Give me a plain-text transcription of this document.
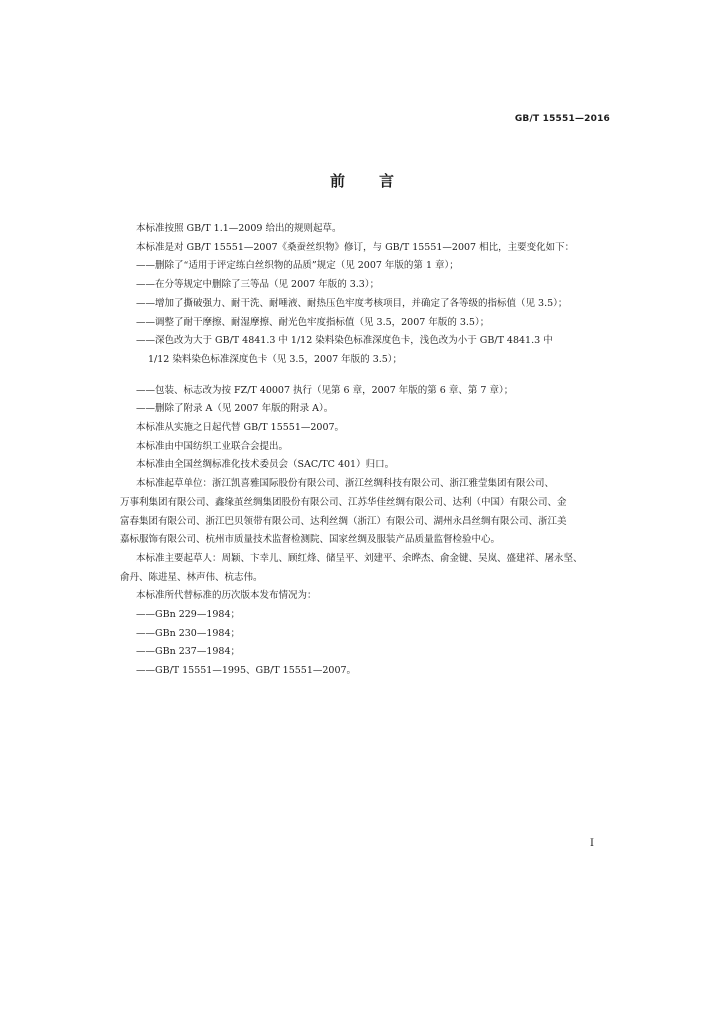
GB/T 15551—2016
前言
本标准按照 GB/T 1.1—2009 给出的规则起草。
本标准是对 GB/T 15551—2007《桑蚕丝织物》修订，与 GB/T 15551—2007 相比，主要变化如下：
——删除了“适用于评定练白丝织物的品质”规定（见 2007 年版的第 1 章）；
——在分等规定中删除了三等品（见 2007 年版的 3.3）；
——增加了撕破强力、耐干洗、耐唾液、耐热压色牢度考核项目，并确定了各等级的指标值（见 3.5）；
——调整了耐干摩擦、耐湿摩擦、耐光色牢度指标值（见 3.5，2007 年版的 3.5）；
——深色改为大于 GB/T 4841.3 中 1/12 染料染色标准深度色卡，浅色改为小于 GB/T 4841.3 中
1/12 染料染色标准深度色卡（见 3.5，2007 年版的 3.5）；
——包装、标志改为按 FZ/T 40007 执行（见第 6 章，2007 年版的第 6 章、第 7 章）；
——删除了附录 A（见 2007 年版的附录 A）。
本标准从实施之日起代替 GB/T 15551—2007。
本标准由中国纺织工业联合会提出。
本标准由全国丝绸标准化技术委员会（SAC/TC 401）归口。
本标准起草单位：浙江凯喜雅国际股份有限公司、浙江丝绸科技有限公司、浙江雅莹集团有限公司、
万事利集团有限公司、鑫缘茧丝绸集团股份有限公司、江苏华佳丝绸有限公司、达利（中国）有限公司、金
富春集团有限公司、浙江巴贝领带有限公司、达利丝绸（浙江）有限公司、湖州永昌丝绸有限公司、浙江美
嘉标服饰有限公司、杭州市质量技术监督检测院、国家丝绸及服装产品质量监督检验中心。
本标准主要起草人：周颖、卞幸儿、顾红烽、储呈平、刘建平、余晔杰、俞金键、吴岚、盛建祥、屠永坚、
俞丹、陈进星、林声伟、杭志伟。
本标准所代替标准的历次版本发布情况为：
——GBn 229—1984；
——GBn 230—1984；
——GBn 237—1984；
——GB/T 15551—1995、GB/T 15551—2007。
I
